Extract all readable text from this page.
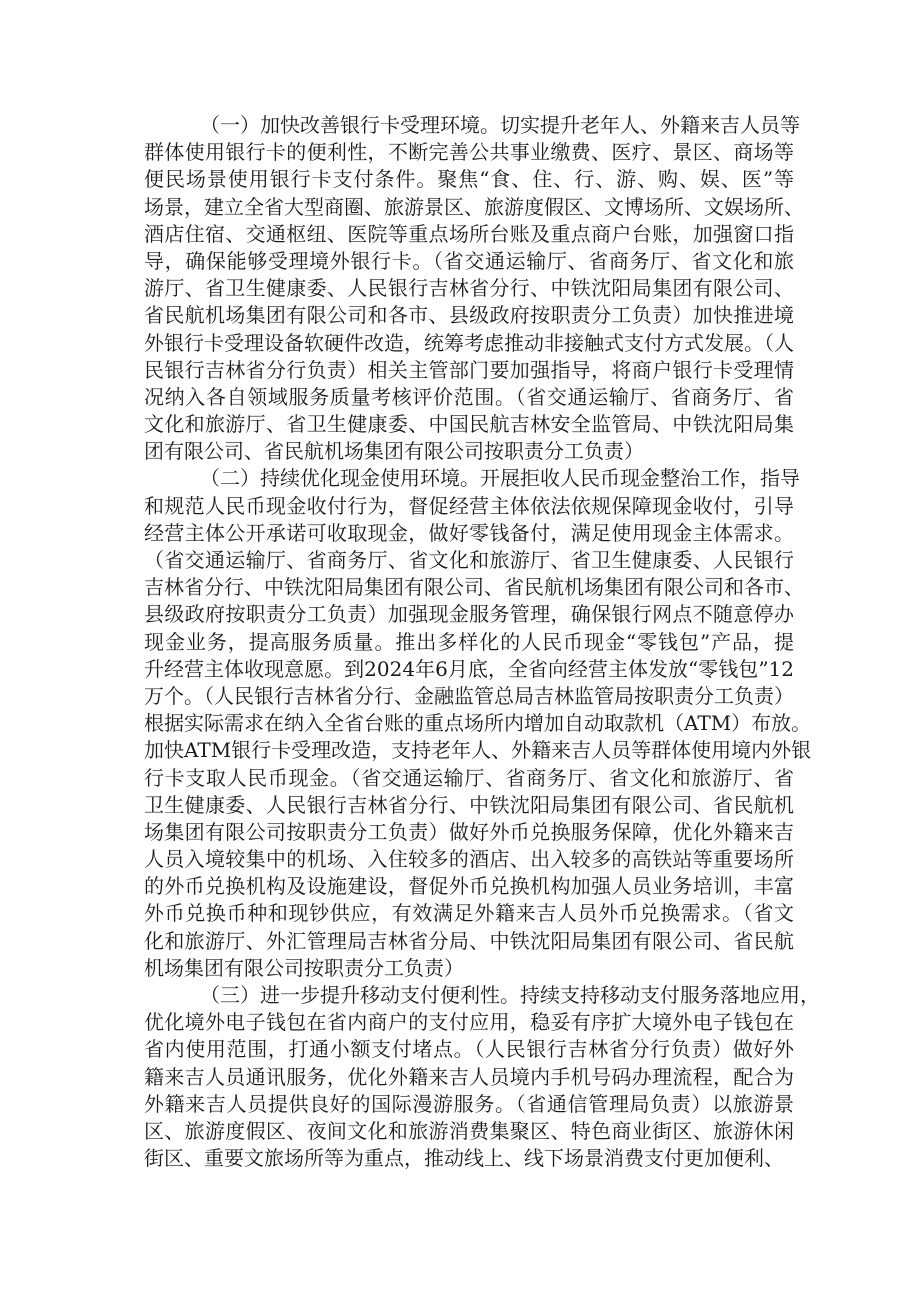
（一）加快改善银行卡受理环境。切实提升老年人、外籍来吉人员等
群体使用银行卡的便利性，不断完善公共事业缴费、医疗、景区、商场等
便民场景使用银行卡支付条件。聚焦“食、住、行、游、购、娱、医”等
场景，建立全省大型商圈、旅游景区、旅游度假区、文博场所、文娱场所、
酒店住宿、交通枢纽、医院等重点场所台账及重点商户台账，加强窗口指
导，确保能够受理境外银行卡。（省交通运输厅、省商务厅、省文化和旅
游厅、省卫生健康委、人民银行吉林省分行、中铁沈阳局集团有限公司、
省民航机场集团有限公司和各市、县级政府按职责分工负责）加快推进境
外银行卡受理设备软硬件改造，统筹考虑推动非接触式支付方式发展。（人
民银行吉林省分行负责）相关主管部门要加强指导，将商户银行卡受理情
况纳入各自领域服务质量考核评价范围。（省交通运输厅、省商务厅、省
文化和旅游厅、省卫生健康委、中国民航吉林安全监管局、中铁沈阳局集
团有限公司、省民航机场集团有限公司按职责分工负责）
（二）持续优化现金使用环境。开展拒收人民币现金整治工作，指导
和规范人民币现金收付行为，督促经营主体依法依规保障现金收付，引导
经营主体公开承诺可收取现金，做好零钱备付，满足使用现金主体需求。
（省交通运输厅、省商务厅、省文化和旅游厅、省卫生健康委、人民银行
吉林省分行、中铁沈阳局集团有限公司、省民航机场集团有限公司和各市、
县级政府按职责分工负责）加强现金服务管理，确保银行网点不随意停办
现金业务，提高服务质量。推出多样化的人民币现金“零钱包”产品，提
升经营主体收现意愿。到2024年6月底，全省向经营主体发放“零钱包”12
万个。（人民银行吉林省分行、金融监管总局吉林监管局按职责分工负责）
根据实际需求在纳入全省台账的重点场所内增加自动取款机（ATM）布放。
加快ATM银行卡受理改造，支持老年人、外籍来吉人员等群体使用境内外银
行卡支取人民币现金。（省交通运输厅、省商务厅、省文化和旅游厅、省
卫生健康委、人民银行吉林省分行、中铁沈阳局集团有限公司、省民航机
场集团有限公司按职责分工负责）做好外币兑换服务保障，优化外籍来吉
人员入境较集中的机场、入住较多的酒店、出入较多的高铁站等重要场所
的外币兑换机构及设施建设，督促外币兑换机构加强人员业务培训，丰富
外币兑换币种和现钞供应，有效满足外籍来吉人员外币兑换需求。（省文
化和旅游厅、外汇管理局吉林省分局、中铁沈阳局集团有限公司、省民航
机场集团有限公司按职责分工负责）
（三）进一步提升移动支付便利性。持续支持移动支付服务落地应用，
优化境外电子钱包在省内商户的支付应用，稳妥有序扩大境外电子钱包在
省内使用范围，打通小额支付堵点。（人民银行吉林省分行负责）做好外
籍来吉人员通讯服务，优化外籍来吉人员境内手机号码办理流程，配合为
外籍来吉人员提供良好的国际漫游服务。（省通信管理局负责）以旅游景
区、旅游度假区、夜间文化和旅游消费集聚区、特色商业街区、旅游休闲
街区、重要文旅场所等为重点，推动线上、线下场景消费支付更加便利、
